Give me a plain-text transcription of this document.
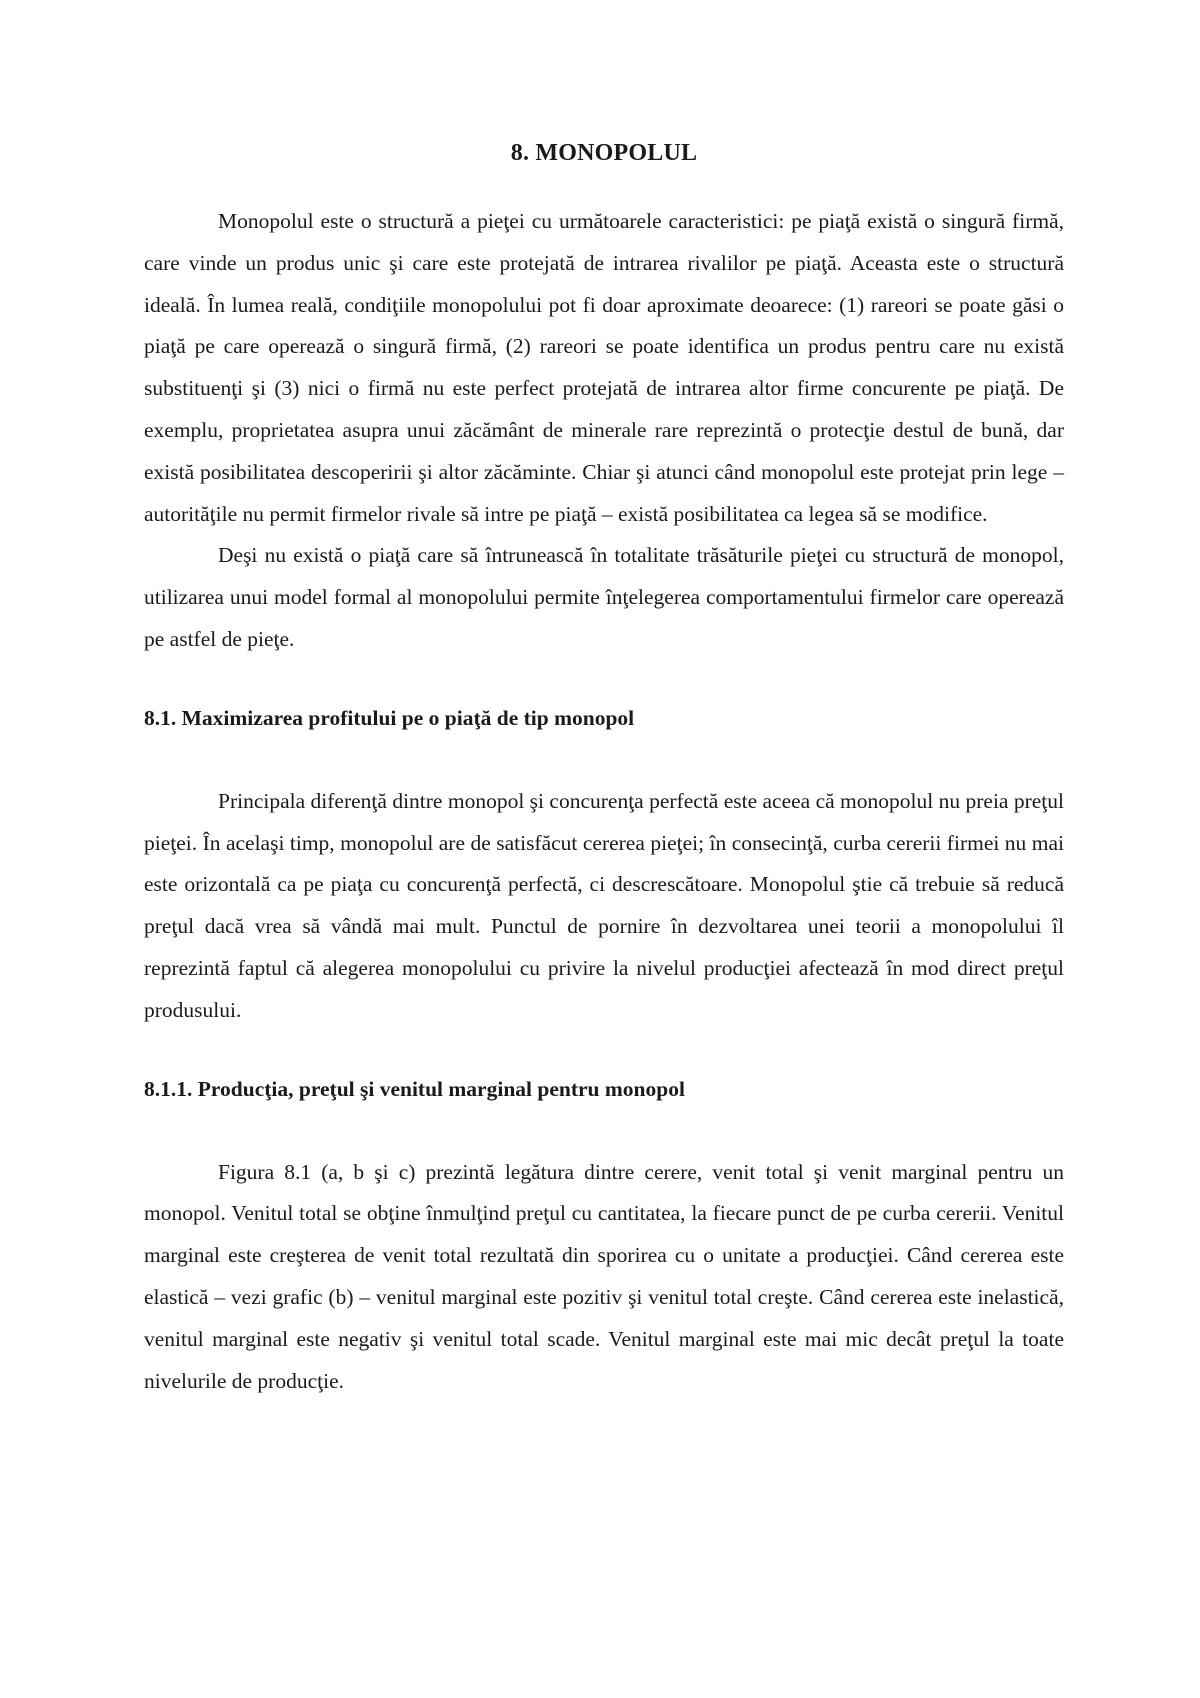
8. MONOPOLUL

Monopolul este o structură a pieţei cu următoarele caracteristici: pe piaţă există o singură firmă, care vinde un produs unic şi care este protejată de intrarea rivalilor pe piaţă. Aceasta este o structură ideală. În lumea reală, condiţiile monopolului pot fi doar aproximate deoarece: (1) rareori se poate găsi o piaţă pe care operează o singură firmă, (2) rareori se poate identifica un produs pentru care nu există substituenţi şi (3) nici o firmă nu este perfect protejată de intrarea altor firme concurente pe piaţă. De exemplu, proprietatea asupra unui zăcământ de minerale rare reprezintă o protecţie destul de bună, dar există posibilitatea descoperirii şi altor zăcăminte. Chiar şi atunci când monopolul este protejat prin lege – autorităţile nu permit firmelor rivale să intre pe piaţă – există posibilitatea ca legea să se modifice.

Deşi nu există o piaţă care să întrunească în totalitate trăsăturile pieţei cu structură de monopol, utilizarea unui model formal al monopolului permite înţelegerea comportamentului firmelor care operează pe astfel de pieţe.

8.1. Maximizarea profitului pe o piaţă de tip monopol

Principala diferenţă dintre monopol şi concurenţa perfectă este aceea că monopolul nu preia preţul pieţei. În acelaşi timp, monopolul are de satisfăcut cererea pieţei; în consecinţă, curba cererii firmei nu mai este orizontală ca pe piaţa cu concurenţă perfectă, ci descrescătoare. Monopolul ştie că trebuie să reducă preţul dacă vrea să vândă mai mult. Punctul de pornire în dezvoltarea unei teorii a monopolului îl reprezintă faptul că alegerea monopolului cu privire la nivelul producţiei afectează în mod direct preţul produsului.

8.1.1. Producţia, preţul şi venitul marginal pentru monopol

Figura 8.1 (a, b şi c) prezintă legătura dintre cerere, venit total şi venit marginal pentru un monopol. Venitul total se obţine înmulţind preţul cu cantitatea, la fiecare punct de pe curba cererii. Venitul marginal este creşterea de venit total rezultată din sporirea cu o unitate a producţiei. Când cererea este elastică – vezi grafic (b) – venitul marginal este pozitiv şi venitul total creşte. Când cererea este inelastică, venitul marginal este negativ şi venitul total scade. Venitul marginal este mai mic decât preţul la toate nivelurile de producţie.
